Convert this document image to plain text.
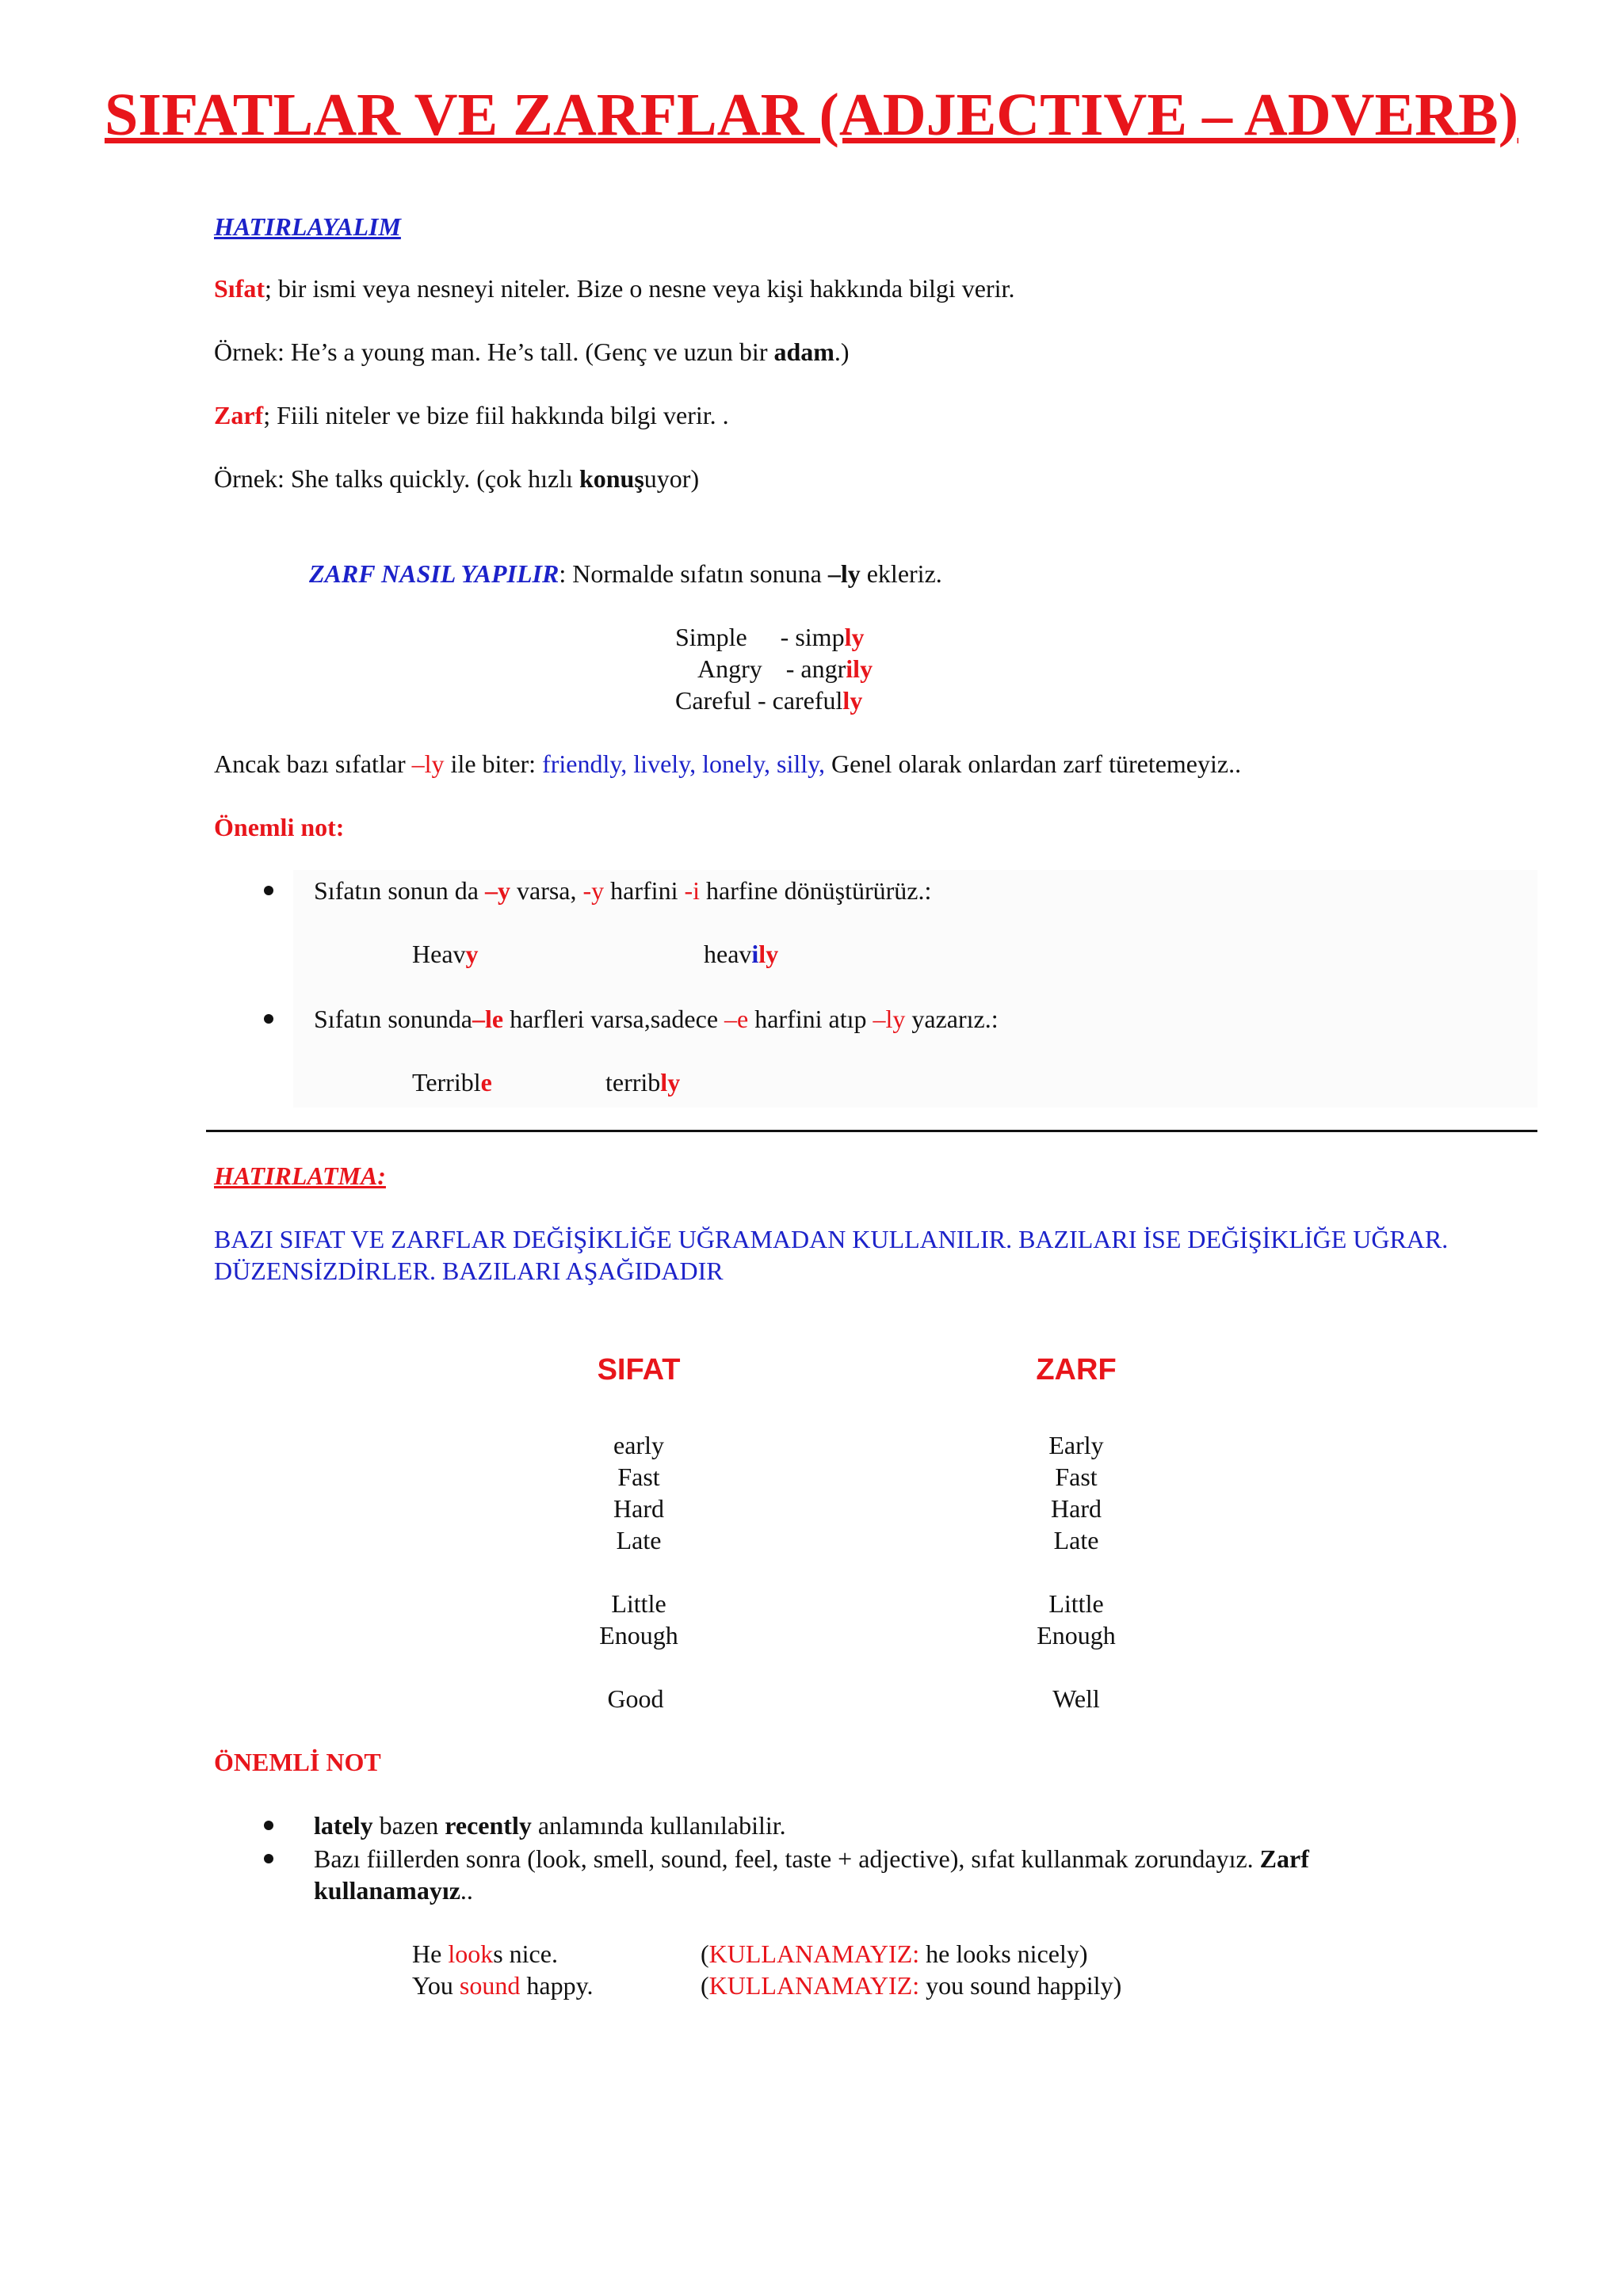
SIFATLAR VE ZARFLAR (ADJECTIVE – ADVERB)
HATIRLAYALIM
Sıfat; bir ismi veya nesneyi niteler. Bize o nesne veya kişi hakkında bilgi verir.
Örnek: He’s a young man. He’s tall. (Genç ve uzun bir adam.)
Zarf; Fiili niteler ve bize fiil hakkında bilgi verir. .
Örnek: She talks quickly. (çok hızlı konuşuyor)
ZARF NASIL YAPILIR: Normalde sıfatın sonuna –ly ekleriz.
Simple - simply
Angry - angrily
Careful - carefully
Ancak bazı sıfatlar –ly ile biter: friendly, lively, lonely, silly, Genel olarak onlardan zarf türetemeyiz..
Önemli not:
Sıfatın sonun da –y varsa, -y harfini -i harfine dönüştürürüz.:
Heavy	heavily
Sıfatın sonunda–le harfleri varsa,sadece –e harfini atıp –ly yazarız.:
Terrible	terribly
HATIRLATMA:
BAZI SIFAT VE ZARFLAR DEĞİŞİKLİĞE UĞRAMADAN KULLANILIR. BAZILARI İSE DEĞİŞİKLİĞE UĞRAR.
DÜZENSİZDİRLER. BAZILARI AŞAĞIDADIR
SIFAT	ZARF
early	Early
Fast	Fast
Hard	Hard
Late	Late
Little	Little
Enough	Enough
Good	Well
ÖNEMLİ NOT
lately bazen recently anlamında kullanılabilir.
Bazı fiillerden sonra (look, smell, sound, feel, taste + adjective), sıfat kullanmak zorundayız. Zarf
kullanamayız..
He looks nice.	(KULLANAMAYIZ: he looks nicely)
You sound happy.	(KULLANAMAYIZ: you sound happily)
